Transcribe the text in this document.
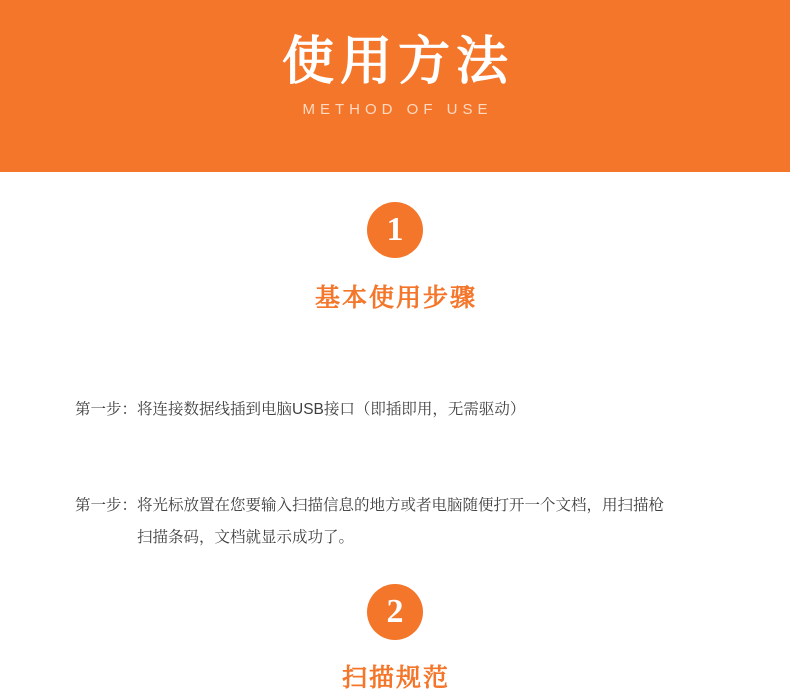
使用方法
METHOD OF USE
1
基本使用步骤

第一步：将连接数据线插到电脑USB接口（即插即用，无需驱动）

第一步：将光标放置在您要输入扫描信息的地方或者电脑随便打开一个文档，用扫描枪扫描条码，文档就显示成功了。

2
扫描规范
